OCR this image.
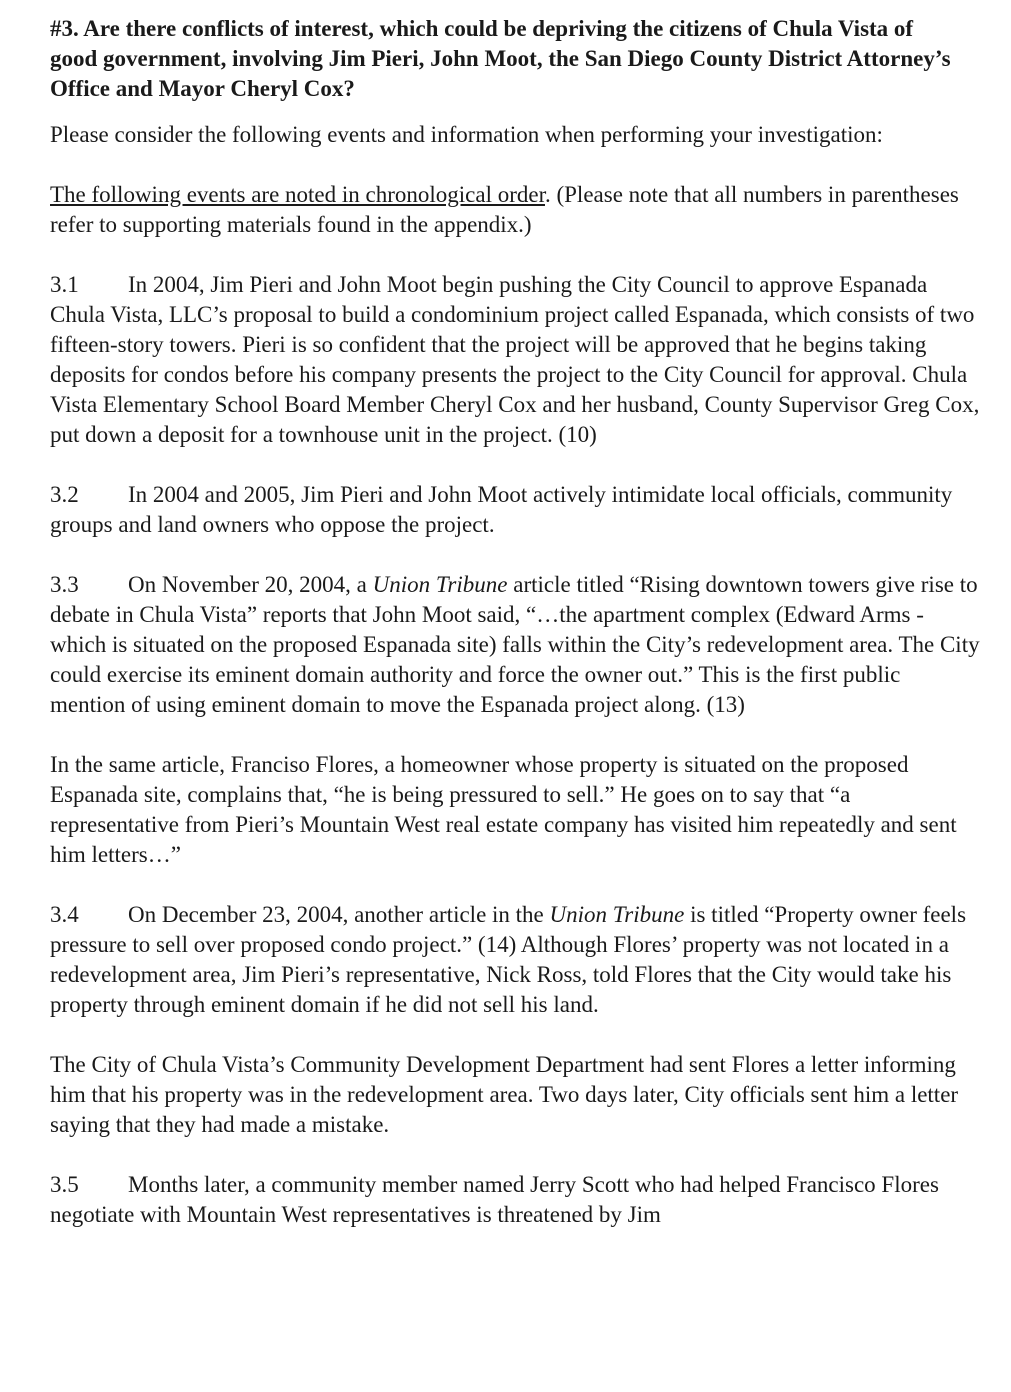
#3. Are there conflicts of interest, which could be depriving the citizens of Chula Vista of good government, involving Jim Pieri, John Moot, the San Diego County District Attorney’s Office and Mayor Cheryl Cox?
Please consider the following events and information when performing your investigation:
The following events are noted in chronological order. (Please note that all numbers in parentheses refer to supporting materials found in the appendix.)
3.1 In 2004, Jim Pieri and John Moot begin pushing the City Council to approve Espanada Chula Vista, LLC’s proposal to build a condominium project called Espanada, which consists of two fifteen-story towers. Pieri is so confident that the project will be approved that he begins taking deposits for condos before his company presents the project to the City Council for approval. Chula Vista Elementary School Board Member Cheryl Cox and her husband, County Supervisor Greg Cox, put down a deposit for a townhouse unit in the project. (10)
3.2 In 2004 and 2005, Jim Pieri and John Moot actively intimidate local officials, community groups and land owners who oppose the project.
3.3 On November 20, 2004, a Union Tribune article titled “Rising downtown towers give rise to debate in Chula Vista” reports that John Moot said, “…the apartment complex (Edward Arms - which is situated on the proposed Espanada site) falls within the City’s redevelopment area. The City could exercise its eminent domain authority and force the owner out.” This is the first public mention of using eminent domain to move the Espanada project along. (13)
In the same article, Franciso Flores, a homeowner whose property is situated on the proposed Espanada site, complains that, “he is being pressured to sell.” He goes on to say that “a representative from Pieri’s Mountain West real estate company has visited him repeatedly and sent him letters…”
3.4 On December 23, 2004, another article in the Union Tribune is titled “Property owner feels pressure to sell over proposed condo project.” (14) Although Flores’ property was not located in a redevelopment area, Jim Pieri’s representative, Nick Ross, told Flores that the City would take his property through eminent domain if he did not sell his land.
The City of Chula Vista’s Community Development Department had sent Flores a letter informing him that his property was in the redevelopment area. Two days later, City officials sent him a letter saying that they had made a mistake.
3.5 Months later, a community member named Jerry Scott who had helped Francisco Flores negotiate with Mountain West representatives is threatened by Jim
